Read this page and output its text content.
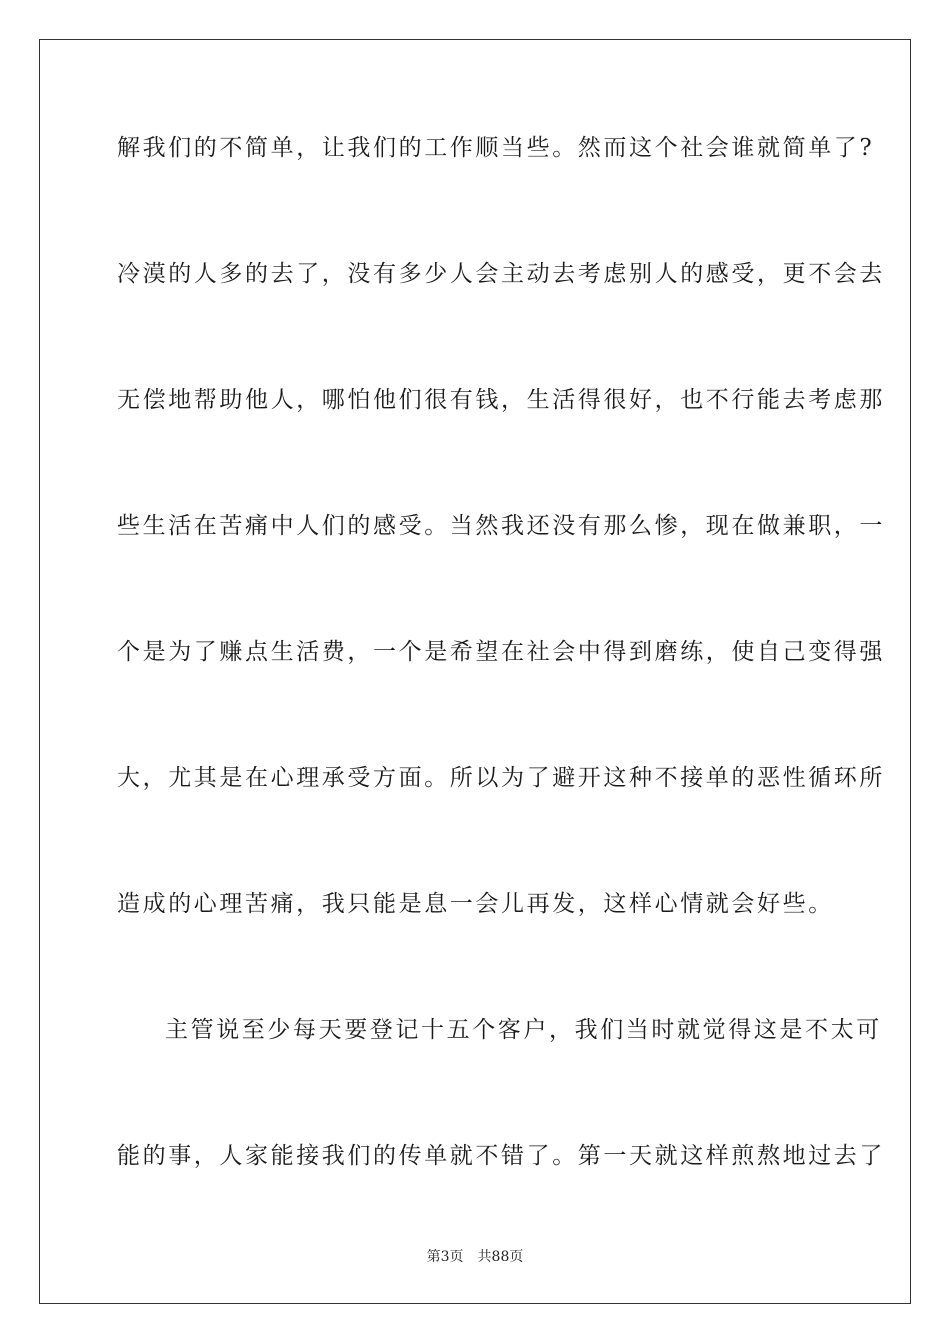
解我们的不简单，让我们的工作顺当些。然而这个社会谁就简单了?
冷漠的人多的去了，没有多少人会主动去考虑别人的感受，更不会去
无偿地帮助他人，哪怕他们很有钱，生活得很好，也不行能去考虑那
些生活在苦痛中人们的感受。当然我还没有那么惨，现在做兼职，一
个是为了赚点生活费，一个是希望在社会中得到磨练，使自己变得强
大，尤其是在心理承受方面。所以为了避开这种不接单的恶性循环所
造成的心理苦痛，我只能是息一会儿再发，这样心情就会好些。
主管说至少每天要登记十五个客户，我们当时就觉得这是不太可
能的事，人家能接我们的传单就不错了。第一天就这样煎熬地过去了
第3页 共88页
